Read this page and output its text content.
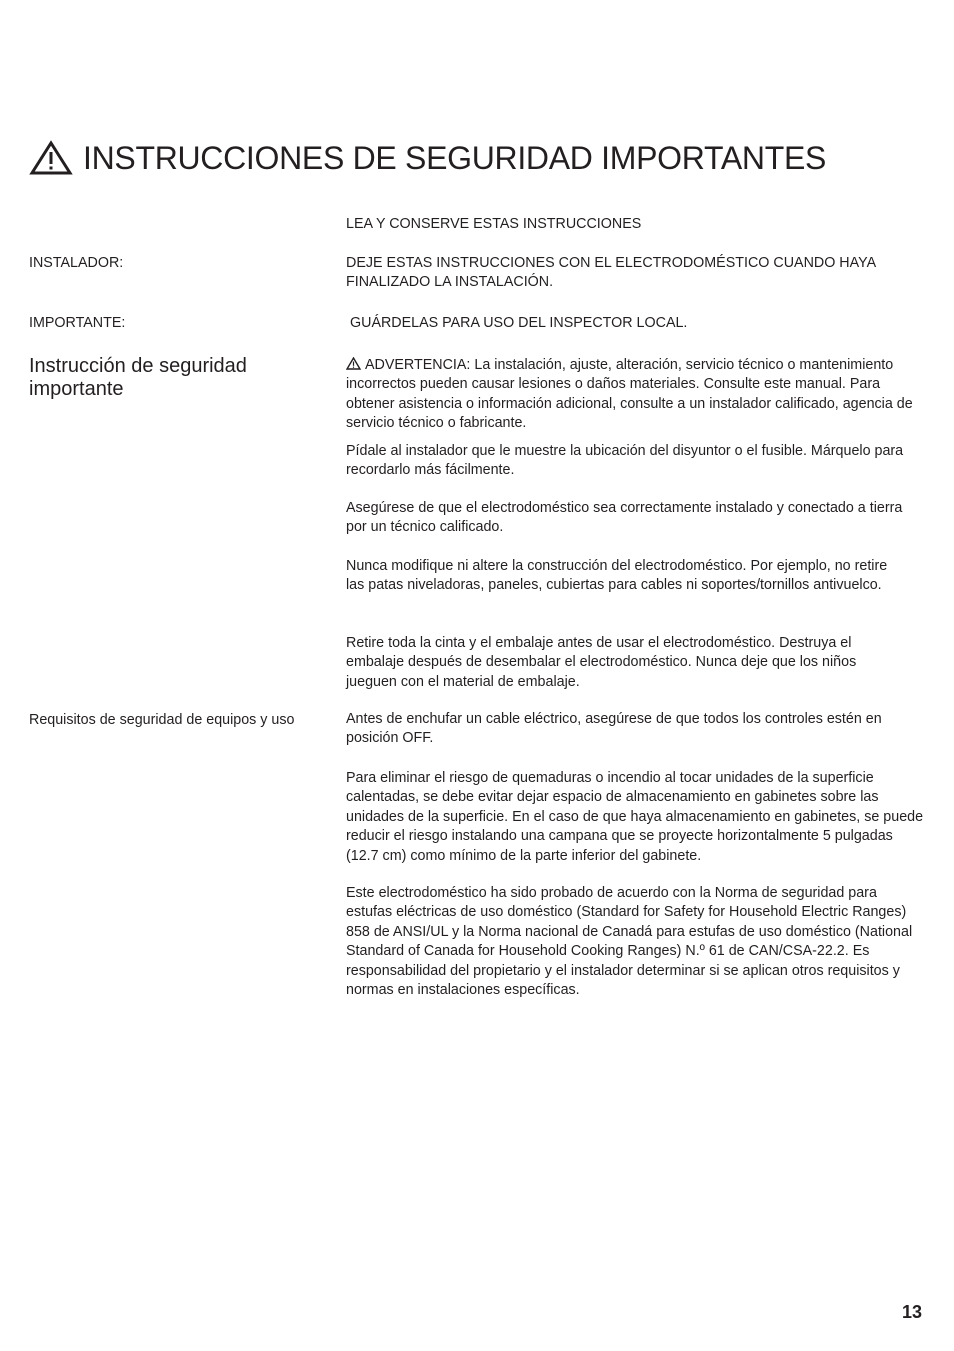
INSTRUCCIONES DE SEGURIDAD IMPORTANTES
LEA Y CONSERVE ESTAS INSTRUCCIONES
INSTALADOR:	DEJE ESTAS INSTRUCCIONES CON EL ELECTRODOMÉSTICO CUANDO HAYA FINALIZADO LA INSTALACIÓN.
IMPORTANTE:	GUÁRDELAS PARA USO DEL INSPECTOR LOCAL.
Instrucción de seguridad importante

ADVERTENCIA: La instalación, ajuste, alteración, servicio técnico o mantenimiento incorrectos pueden causar lesiones o daños materiales. Consulte este manual. Para obtener asistencia o información adicional, consulte a un instalador calificado, agencia de servicio técnico o fabricante.

Pídale al instalador que le muestre la ubicación del disyuntor o el fusible. Márquelo para recordarlo más fácilmente.

Asegúrese de que el electrodoméstico sea correctamente instalado y conectado a tierra por un técnico calificado.

Nunca modifique ni altere la construcción del electrodoméstico. Por ejemplo, no retire las patas niveladoras, paneles, cubiertas para cables ni soportes/tornillos antivuelco.

Retire toda la cinta y el embalaje antes de usar el electrodoméstico. Destruya el embalaje después de desembalar el electrodoméstico. Nunca deje que los niños jueguen con el material de embalaje.

Requisitos de seguridad de equipos y uso	Antes de enchufar un cable eléctrico, asegúrese de que todos los controles estén en posición OFF.

Para eliminar el riesgo de quemaduras o incendio al tocar unidades de la superficie calentadas, se debe evitar dejar espacio de almacenamiento en gabinetes sobre las unidades de la superficie. En el caso de que haya almacenamiento en gabinetes, se puede reducir el riesgo instalando una campana que se proyecte horizontalmente 5 pulgadas (12.7 cm) como mínimo de la parte inferior del gabinete.

Este electrodoméstico ha sido probado de acuerdo con la Norma de seguridad para estufas eléctricas de uso doméstico (Standard for Safety for Household Electric Ranges) 858 de ANSI/UL y la Norma nacional de Canadá para estufas de uso doméstico (National Standard of Canada for Household Cooking Ranges) N.º 61 de CAN/CSA-22.2. Es responsabilidad del propietario y el instalador determinar si se aplican otros requisitos y normas en instalaciones específicas.

13
